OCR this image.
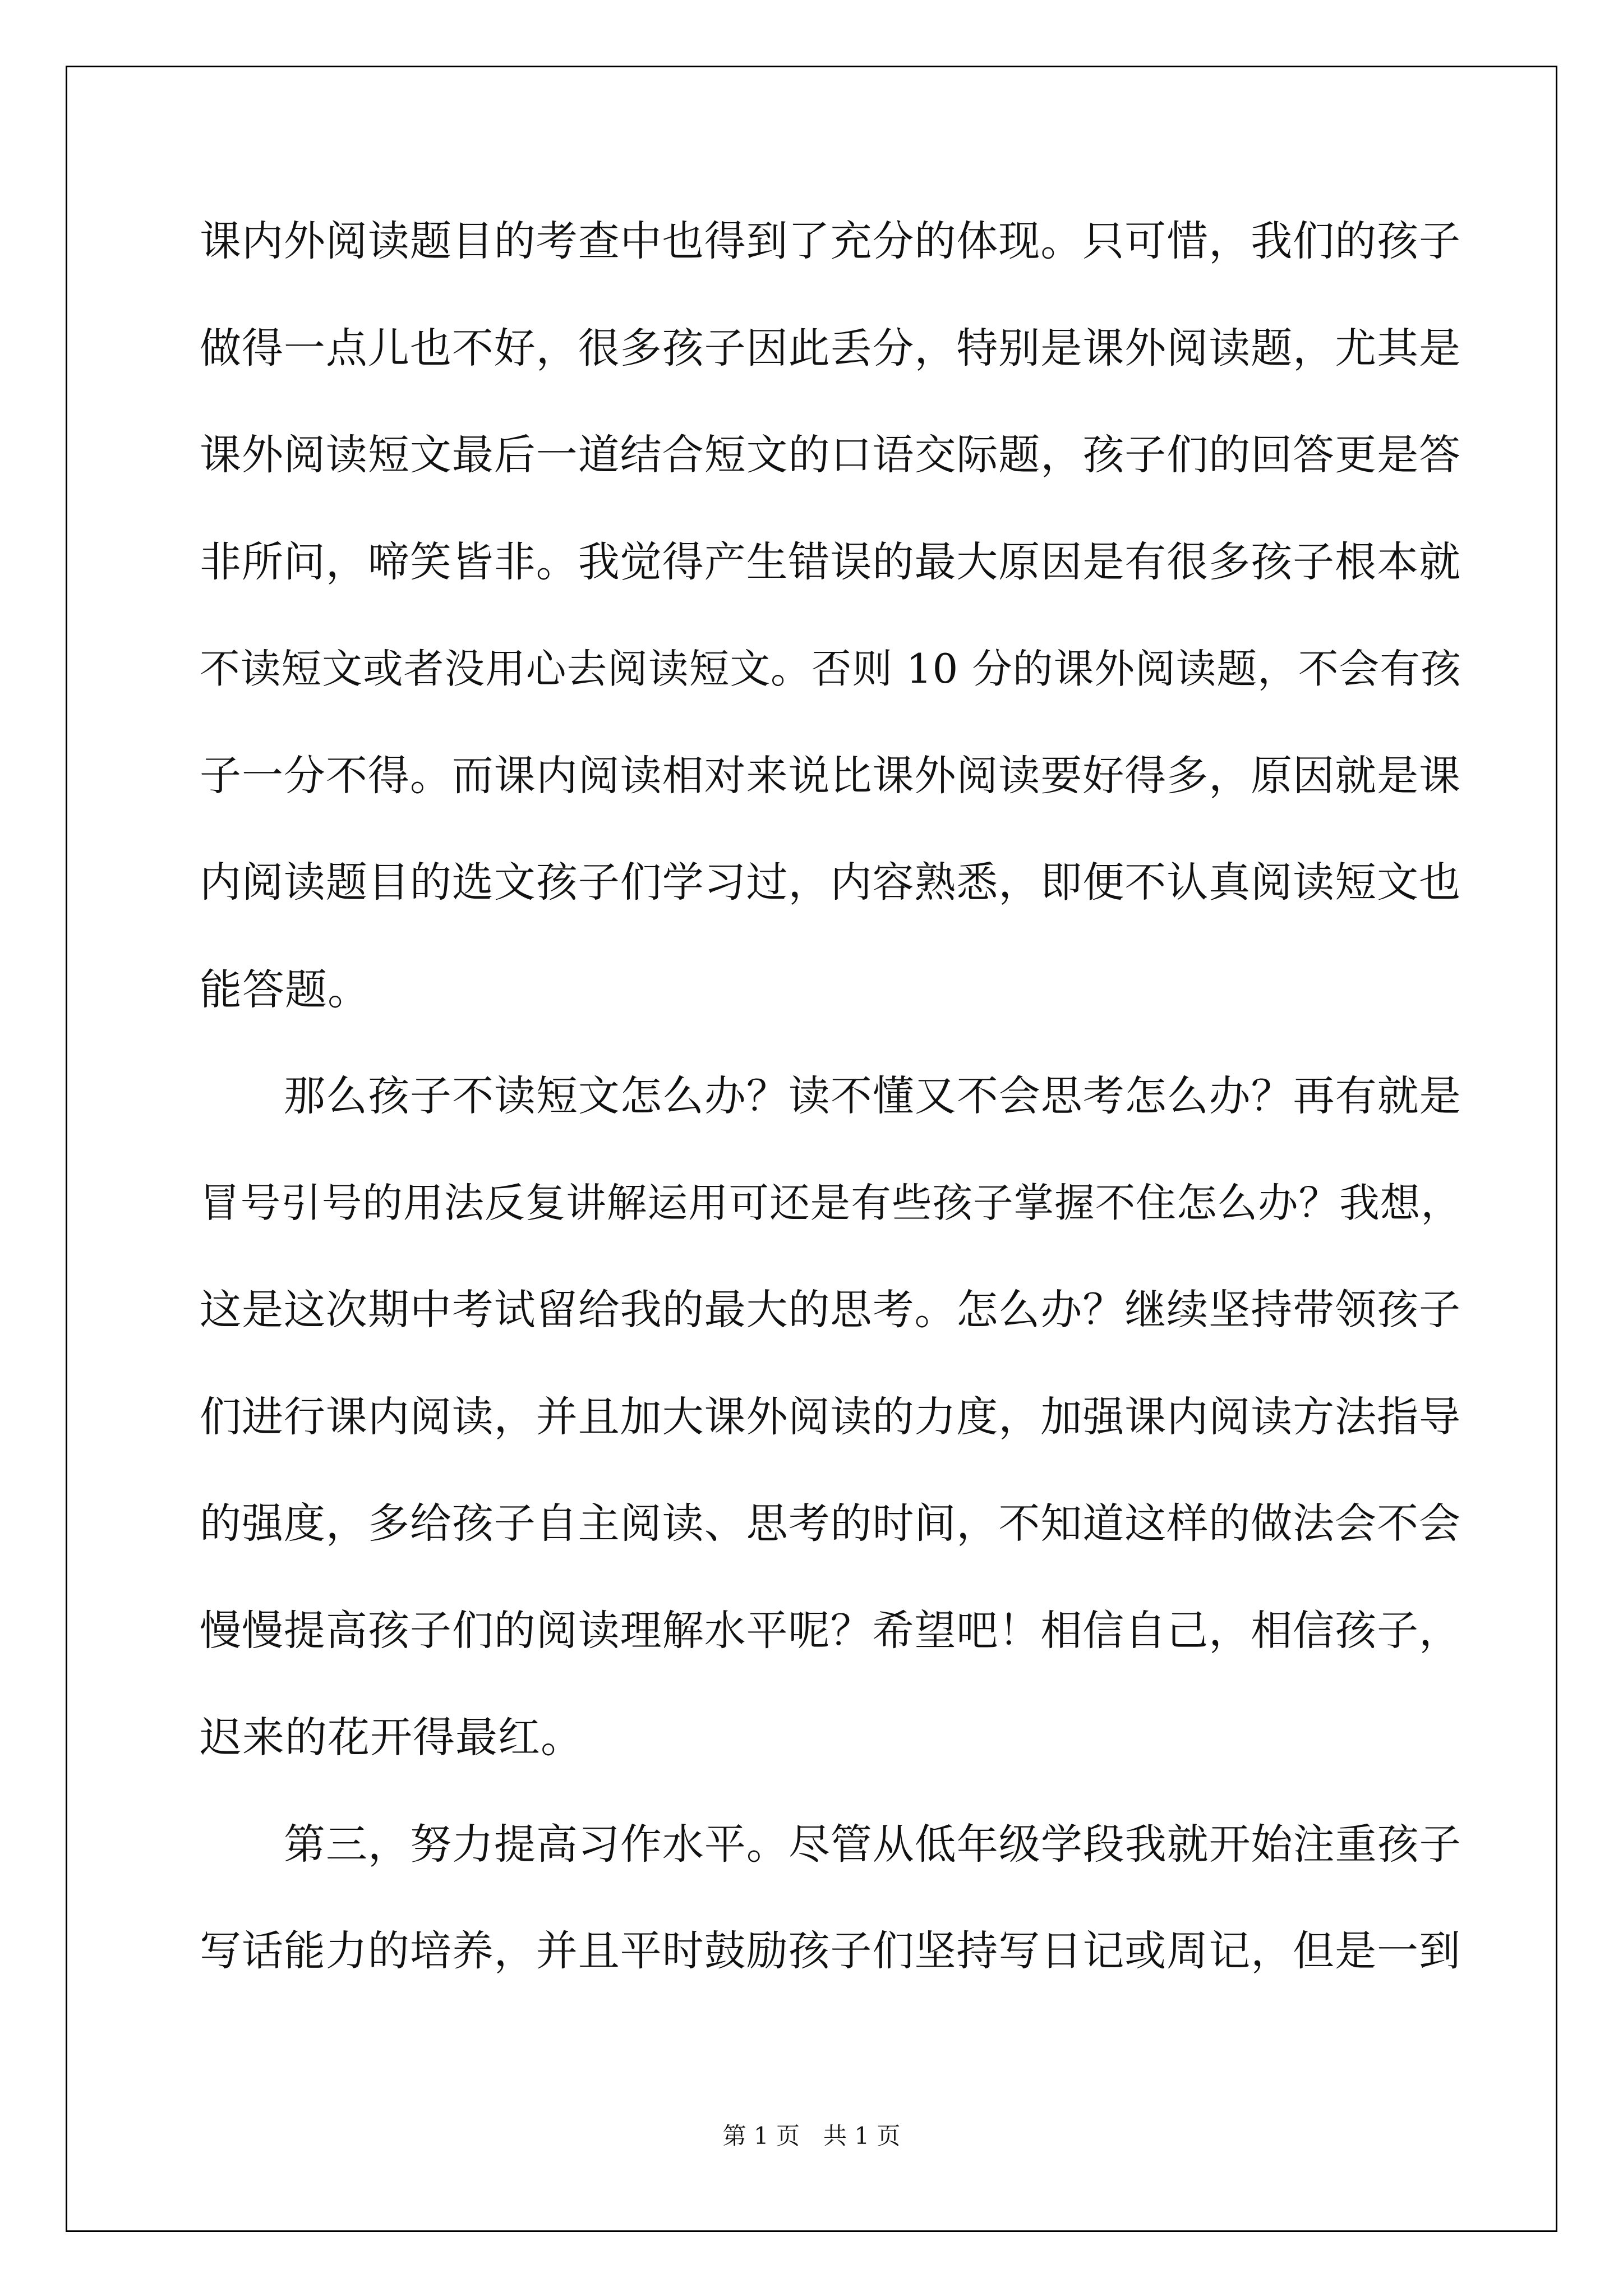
课内外阅读题目的考查中也得到了充分的体现。只可惜，我们的孩子
做得一点儿也不好，很多孩子因此丢分，特别是课外阅读题，尤其是
课外阅读短文最后一道结合短文的口语交际题，孩子们的回答更是答
非所问，啼笑皆非。我觉得产生错误的最大原因是有很多孩子根本就
不读短文或者没用心去阅读短文。否则 10 分的课外阅读题，不会有孩
子一分不得。而课内阅读相对来说比课外阅读要好得多，原因就是课
内阅读题目的选文孩子们学习过，内容熟悉，即便不认真阅读短文也
能答题。
那么孩子不读短文怎么办？读不懂又不会思考怎么办？再有就是
冒号引号的用法反复讲解运用可还是有些孩子掌握不住怎么办？我想，
这是这次期中考试留给我的最大的思考。怎么办？继续坚持带领孩子
们进行课内阅读，并且加大课外阅读的力度，加强课内阅读方法指导
的强度，多给孩子自主阅读、思考的时间，不知道这样的做法会不会
慢慢提高孩子们的阅读理解水平呢？希望吧！相信自己，相信孩子，
迟来的花开得最红。
第三，努力提高习作水平。尽管从低年级学段我就开始注重孩子
写话能力的培养，并且平时鼓励孩子们坚持写日记或周记，但是一到
第 1 页　共 1 页
